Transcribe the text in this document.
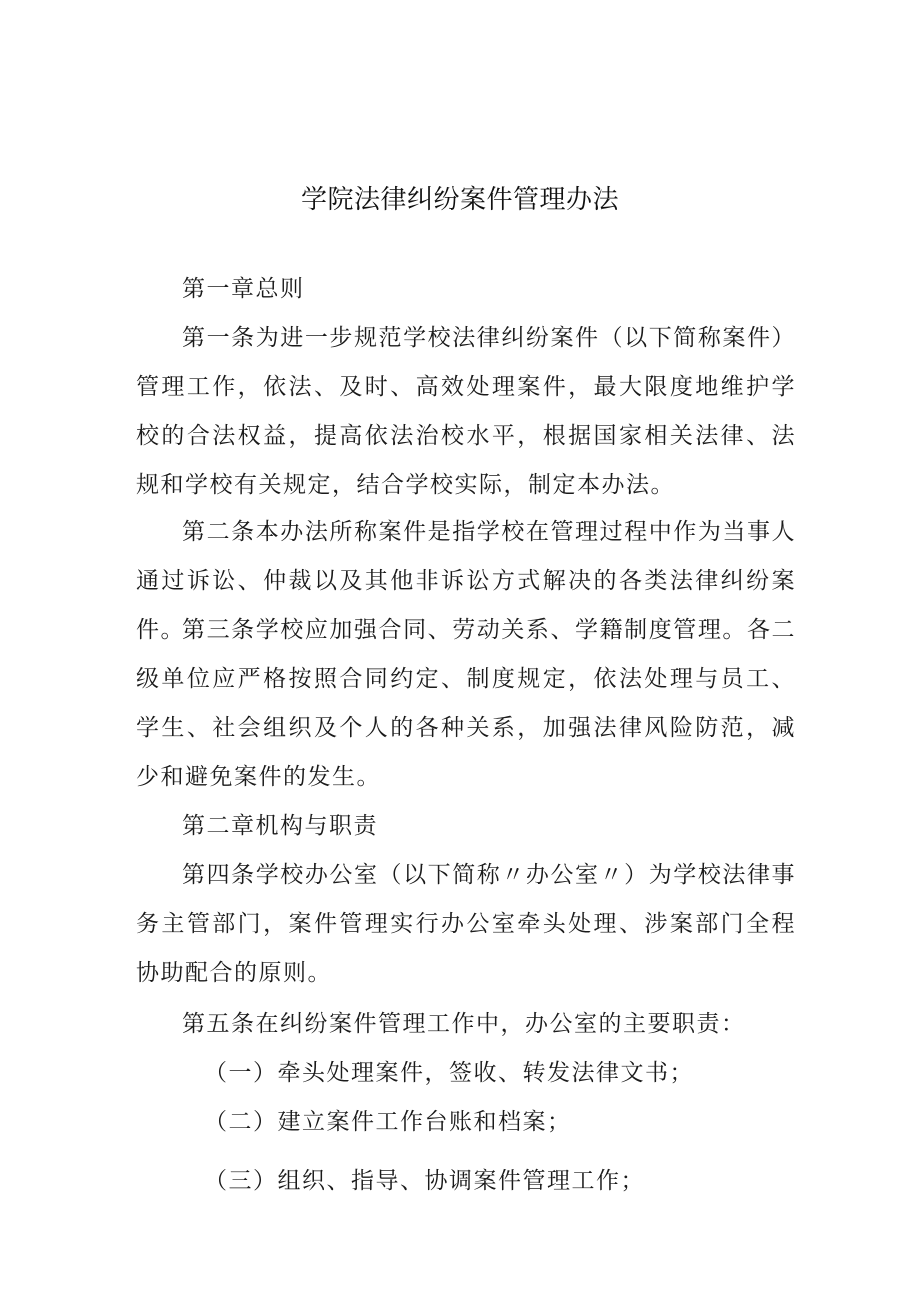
学院法律纠纷案件管理办法

第一章总则

第一条为进一步规范学校法律纠纷案件（以下简称案件）管理工作，依法、及时、高效处理案件，最大限度地维护学校的合法权益，提高依法治校水平，根据国家相关法律、法规和学校有关规定，结合学校实际，制定本办法。

第二条本办法所称案件是指学校在管理过程中作为当事人通过诉讼、仲裁以及其他非诉讼方式解决的各类法律纠纷案件。

第三条学校应加强合同、劳动关系、学籍制度管理。各二级单位应严格按照合同约定、制度规定，依法处理与员工、学生、社会组织及个人的各种关系，加强法律风险防范，减少和避免案件的发生。

第二章机构与职责

第四条学校办公室（以下简称〃办公室〃）为学校法律事务主管部门，案件管理实行办公室牵头处理、涉案部门全程协助配合的原则。

第五条在纠纷案件管理工作中，办公室的主要职责：

（一）牵头处理案件，签收、转发法律文书；

（二）建立案件工作台账和档案；

（三）组织、指导、协调案件管理工作；
